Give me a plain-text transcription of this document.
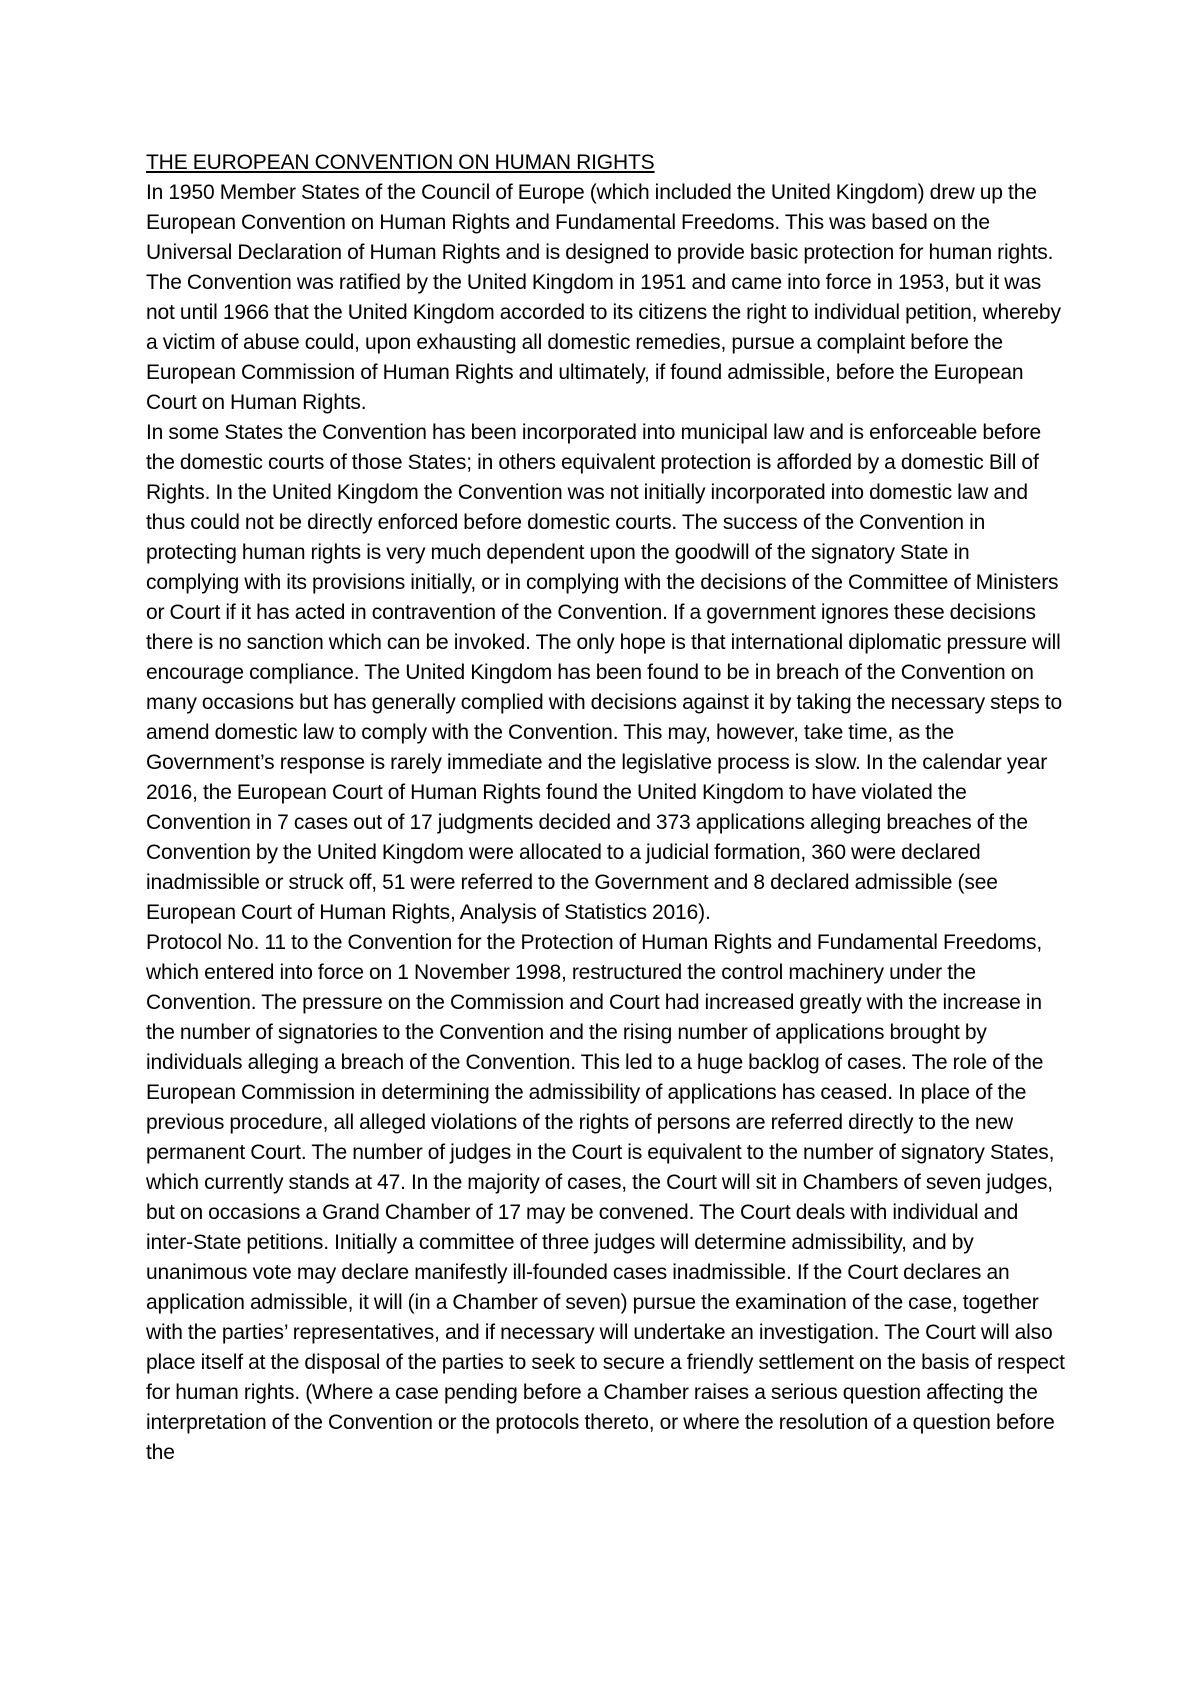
THE EUROPEAN CONVENTION ON HUMAN RIGHTS

In 1950 Member States of the Council of Europe (which included the United Kingdom) drew up the European Convention on Human Rights and Fundamental Freedoms. This was based on the Universal Declaration of Human Rights and is designed to provide basic protection for human rights. The Convention was ratified by the United Kingdom in 1951 and came into force in 1953, but it was not until 1966 that the United Kingdom accorded to its citizens the right to individual petition, whereby a victim of abuse could, upon exhausting all domestic remedies, pursue a complaint before the European Commission of Human Rights and ultimately, if found admissible, before the European Court on Human Rights.

In some States the Convention has been incorporated into municipal law and is enforceable before the domestic courts of those States; in others equivalent protection is afforded by a domestic Bill of Rights. In the United Kingdom the Convention was not initially incorporated into domestic law and thus could not be directly enforced before domestic courts. The success of the Convention in protecting human rights is very much dependent upon the goodwill of the signatory State in complying with its provisions initially, or in complying with the decisions of the Committee of Ministers or Court if it has acted in contravention of the Convention. If a government ignores these decisions there is no sanction which can be invoked. The only hope is that international diplomatic pressure will encourage compliance. The United Kingdom has been found to be in breach of the Convention on many occasions but has generally complied with decisions against it by taking the necessary steps to amend domestic law to comply with the Convention. This may, however, take time, as the Government’s response is rarely immediate and the legislative process is slow. In the calendar year 2016, the European Court of Human Rights found the United Kingdom to have violated the Convention in 7 cases out of 17 judgments decided and 373 applications alleging breaches of the Convention by the United Kingdom were allocated to a judicial formation, 360 were declared inadmissible or struck off, 51 were referred to the Government and 8 declared admissible (see European Court of Human Rights, Analysis of Statistics 2016).

Protocol No. 11 to the Convention for the Protection of Human Rights and Fundamental Freedoms, which entered into force on 1 November 1998, restructured the control machinery under the Convention. The pressure on the Commission and Court had increased greatly with the increase in the number of signatories to the Convention and the rising number of applications brought by individuals alleging a breach of the Convention. This led to a huge backlog of cases. The role of the European Commission in determining the admissibility of applications has ceased. In place of the previous procedure, all alleged violations of the rights of persons are referred directly to the new permanent Court. The number of judges in the Court is equivalent to the number of signatory States, which currently stands at 47. In the majority of cases, the Court will sit in Chambers of seven judges, but on occasions a Grand Chamber of 17 may be convened. The Court deals with individual and inter-State petitions. Initially a committee of three judges will determine admissibility, and by unanimous vote may declare manifestly ill-founded cases inadmissible. If the Court declares an application admissible, it will (in a Chamber of seven) pursue the examination of the case, together with the parties’ representatives, and if necessary will undertake an investigation. The Court will also place itself at the disposal of the parties to seek to secure a friendly settlement on the basis of respect for human rights. (Where a case pending before a Chamber raises a serious question affecting the interpretation of the Convention or the protocols thereto, or where the resolution of a question before the
